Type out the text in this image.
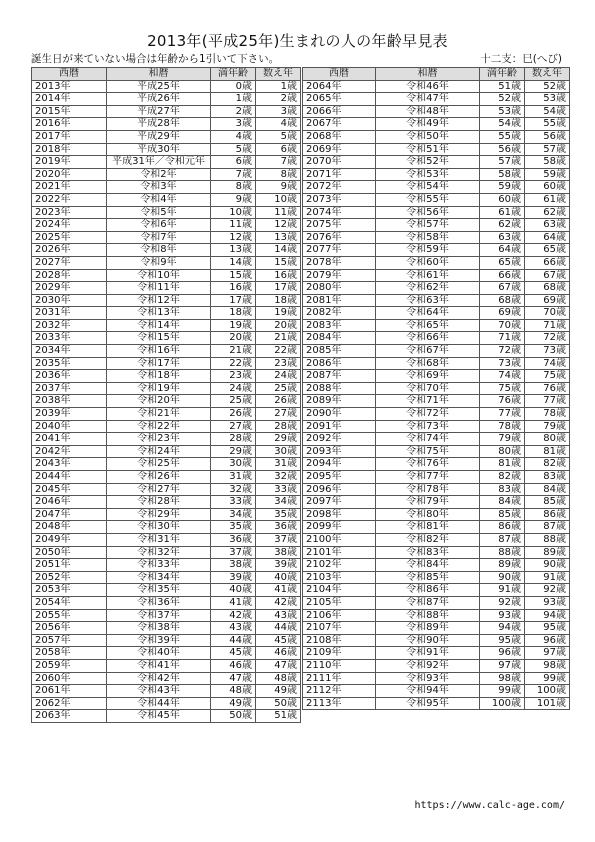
2013年(平成25年)生まれの人の年齢早見表
誕生日が来ていない場合は年齢から1引いて下さい。	十二支：巳(へび)
西暦	和暦	満年齢	数え年
2013年	平成25年	0歳	1歳
2014年	平成26年	1歳	2歳
2015年	平成27年	2歳	3歳
2016年	平成28年	3歳	4歳
2017年	平成29年	4歳	5歳
2018年	平成30年	5歳	6歳
2019年	平成31年／令和元年	6歳	7歳
2020年	令和2年	7歳	8歳
2021年	令和3年	8歳	9歳
2022年	令和4年	9歳	10歳
2023年	令和5年	10歳	11歳
2024年	令和6年	11歳	12歳
2025年	令和7年	12歳	13歳
2026年	令和8年	13歳	14歳
2027年	令和9年	14歳	15歳
2028年	令和10年	15歳	16歳
2029年	令和11年	16歳	17歳
2030年	令和12年	17歳	18歳
2031年	令和13年	18歳	19歳
2032年	令和14年	19歳	20歳
2033年	令和15年	20歳	21歳
2034年	令和16年	21歳	22歳
2035年	令和17年	22歳	23歳
2036年	令和18年	23歳	24歳
2037年	令和19年	24歳	25歳
2038年	令和20年	25歳	26歳
2039年	令和21年	26歳	27歳
2040年	令和22年	27歳	28歳
2041年	令和23年	28歳	29歳
2042年	令和24年	29歳	30歳
2043年	令和25年	30歳	31歳
2044年	令和26年	31歳	32歳
2045年	令和27年	32歳	33歳
2046年	令和28年	33歳	34歳
2047年	令和29年	34歳	35歳
2048年	令和30年	35歳	36歳
2049年	令和31年	36歳	37歳
2050年	令和32年	37歳	38歳
2051年	令和33年	38歳	39歳
2052年	令和34年	39歳	40歳
2053年	令和35年	40歳	41歳
2054年	令和36年	41歳	42歳
2055年	令和37年	42歳	43歳
2056年	令和38年	43歳	44歳
2057年	令和39年	44歳	45歳
2058年	令和40年	45歳	46歳
2059年	令和41年	46歳	47歳
2060年	令和42年	47歳	48歳
2061年	令和43年	48歳	49歳
2062年	令和44年	49歳	50歳
2063年	令和45年	50歳	51歳
西暦	和暦	満年齢	数え年
2064年	令和46年	51歳	52歳
2065年	令和47年	52歳	53歳
2066年	令和48年	53歳	54歳
2067年	令和49年	54歳	55歳
2068年	令和50年	55歳	56歳
2069年	令和51年	56歳	57歳
2070年	令和52年	57歳	58歳
2071年	令和53年	58歳	59歳
2072年	令和54年	59歳	60歳
2073年	令和55年	60歳	61歳
2074年	令和56年	61歳	62歳
2075年	令和57年	62歳	63歳
2076年	令和58年	63歳	64歳
2077年	令和59年	64歳	65歳
2078年	令和60年	65歳	66歳
2079年	令和61年	66歳	67歳
2080年	令和62年	67歳	68歳
2081年	令和63年	68歳	69歳
2082年	令和64年	69歳	70歳
2083年	令和65年	70歳	71歳
2084年	令和66年	71歳	72歳
2085年	令和67年	72歳	73歳
2086年	令和68年	73歳	74歳
2087年	令和69年	74歳	75歳
2088年	令和70年	75歳	76歳
2089年	令和71年	76歳	77歳
2090年	令和72年	77歳	78歳
2091年	令和73年	78歳	79歳
2092年	令和74年	79歳	80歳
2093年	令和75年	80歳	81歳
2094年	令和76年	81歳	82歳
2095年	令和77年	82歳	83歳
2096年	令和78年	83歳	84歳
2097年	令和79年	84歳	85歳
2098年	令和80年	85歳	86歳
2099年	令和81年	86歳	87歳
2100年	令和82年	87歳	88歳
2101年	令和83年	88歳	89歳
2102年	令和84年	89歳	90歳
2103年	令和85年	90歳	91歳
2104年	令和86年	91歳	92歳
2105年	令和87年	92歳	93歳
2106年	令和88年	93歳	94歳
2107年	令和89年	94歳	95歳
2108年	令和90年	95歳	96歳
2109年	令和91年	96歳	97歳
2110年	令和92年	97歳	98歳
2111年	令和93年	98歳	99歳
2112年	令和94年	99歳	100歳
2113年	令和95年	100歳	101歳
https://www.calc-age.com/
